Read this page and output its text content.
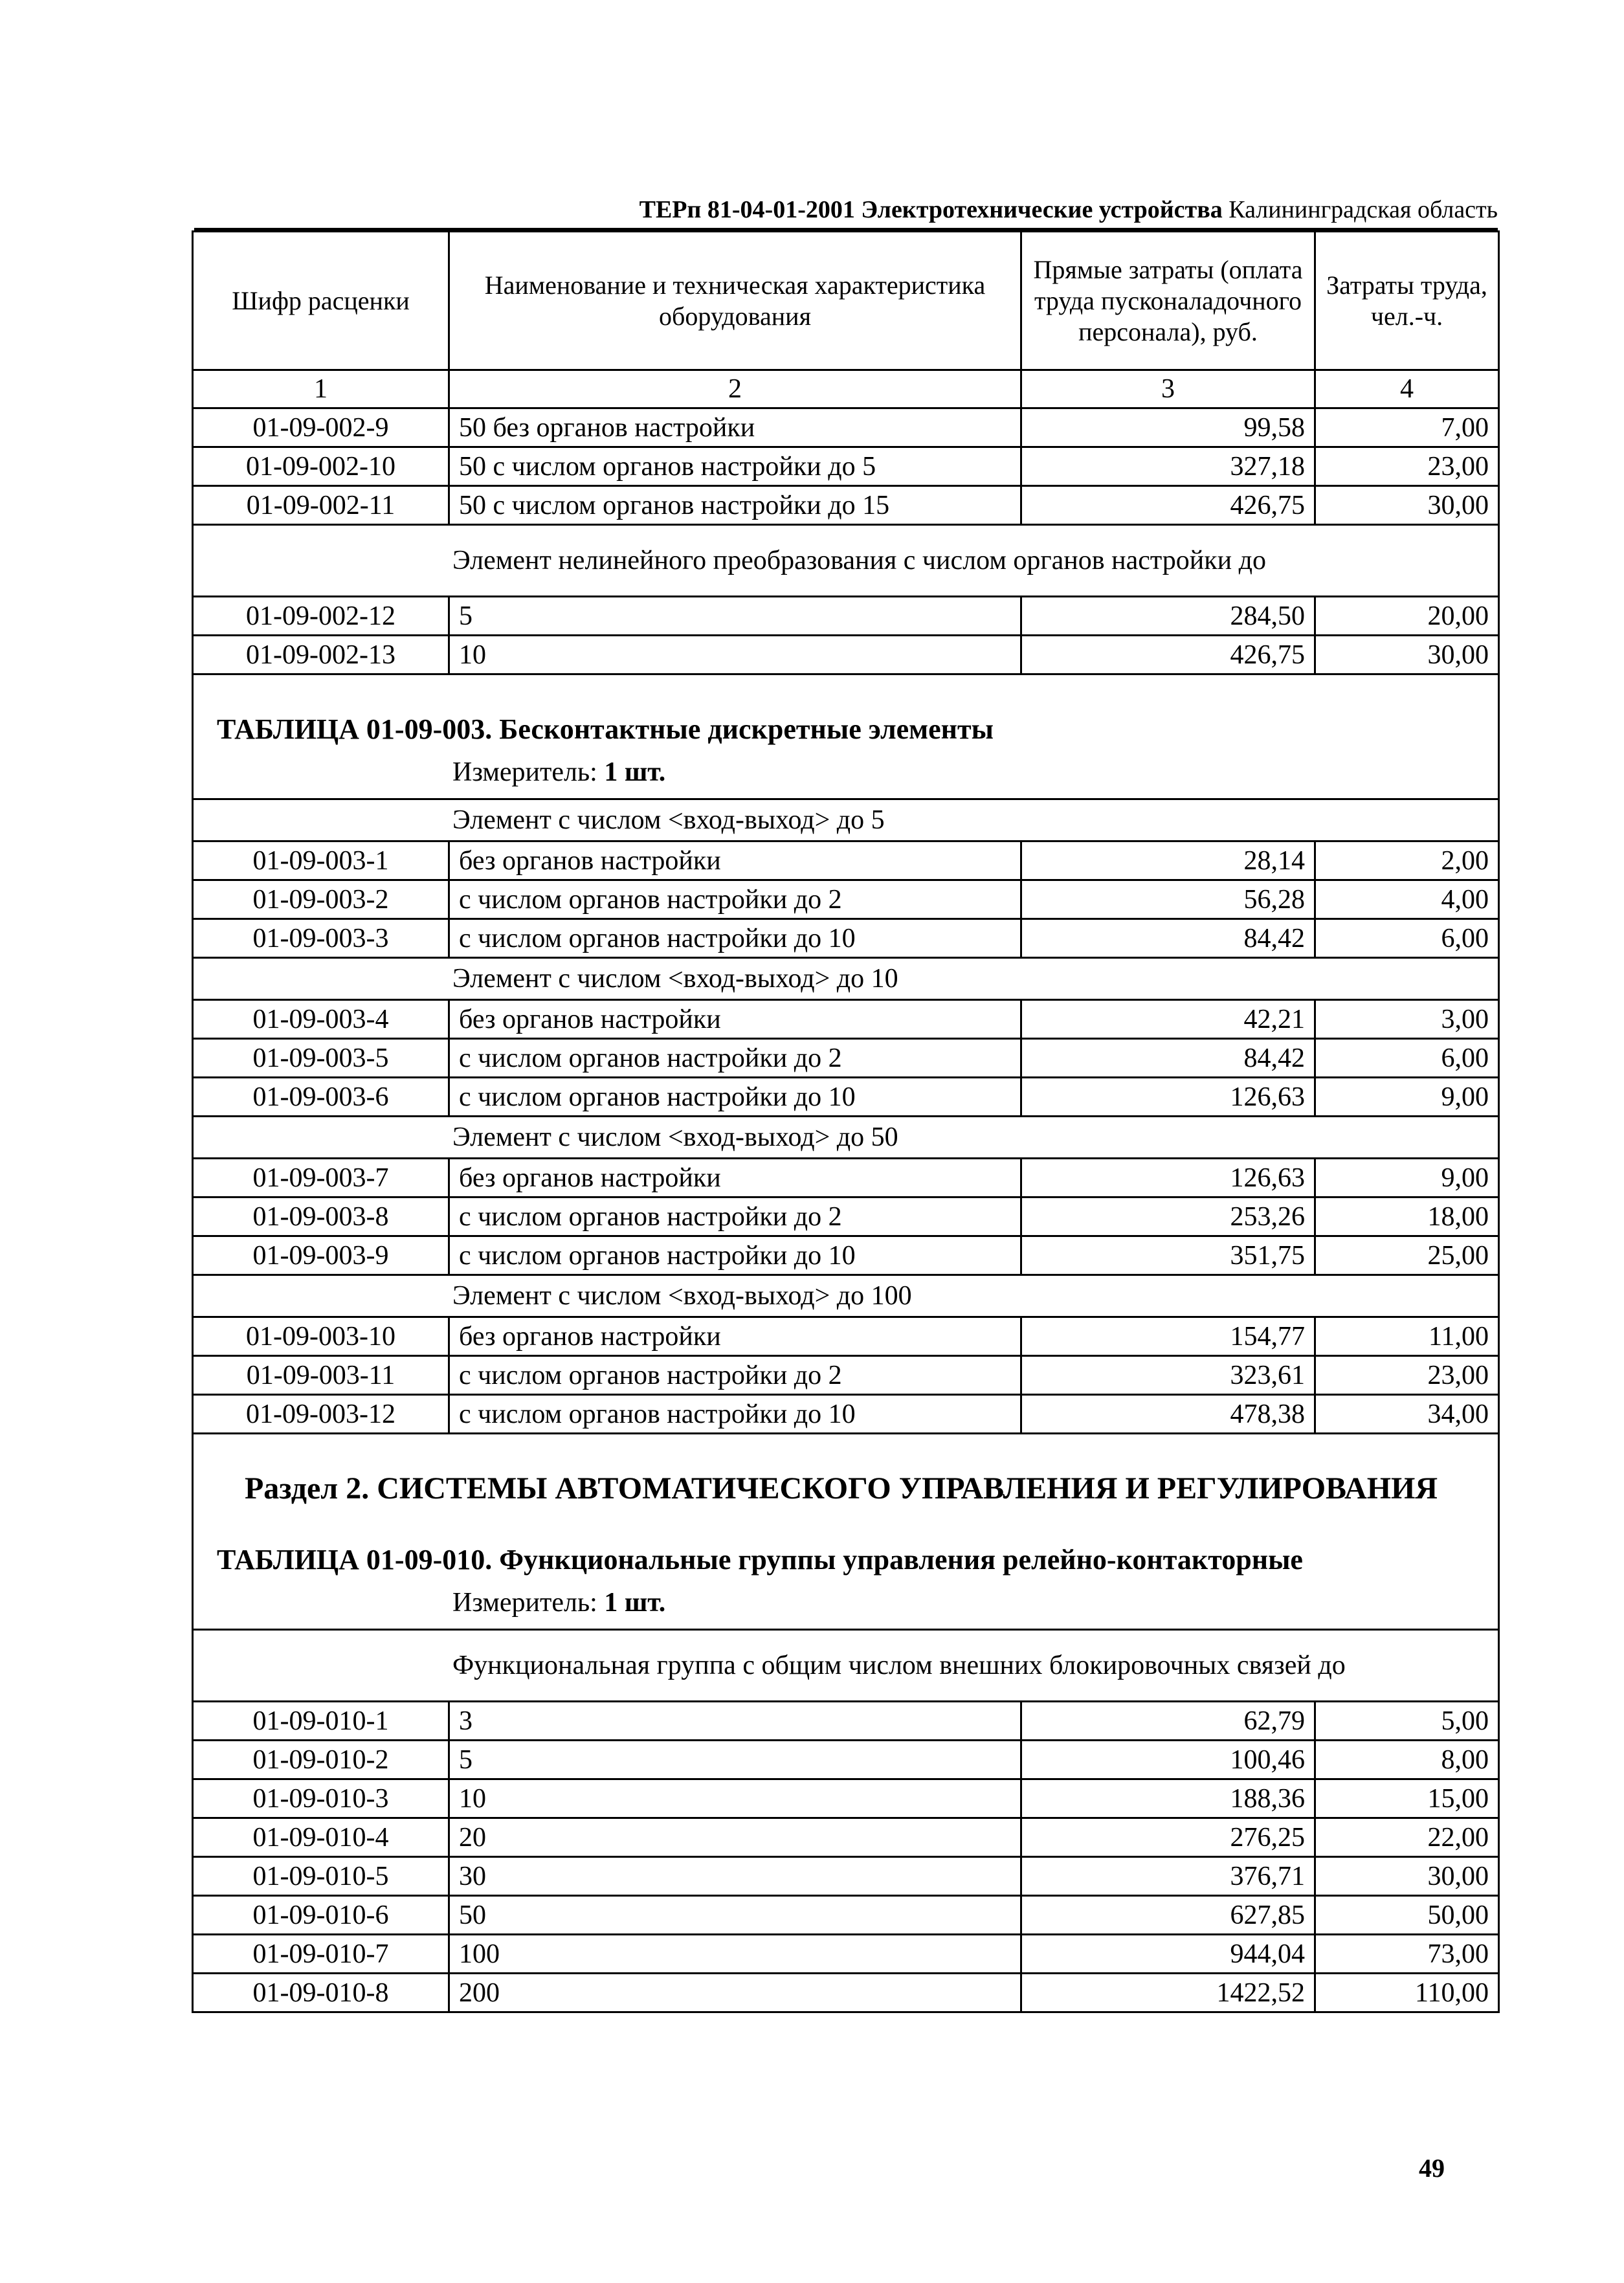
ТЕРп 81-04-01-2001 Электротехнические устройства Калининградская область
Шифр расценки	Наименование и техническая характеристика оборудования	Прямые затраты (оплата труда пусконаладочного персонала), руб.	Затраты труда, чел.-ч.
1	2	3	4
01-09-002-9	50 без органов настройки	99,58	7,00
01-09-002-10	50 с числом органов настройки до 5	327,18	23,00
01-09-002-11	50 с числом органов настройки до 15	426,75	30,00
Элемент нелинейного преобразования с числом органов настройки до			
01-09-002-12	5	284,50	20,00
01-09-002-13	10	426,75	30,00
ТАБЛИЦА 01-09-003. Бесконтактные дискретные элементы			
Измеритель: 1 шт.			
Элемент с числом <вход-выход> до 5			
01-09-003-1	без органов настройки	28,14	2,00
01-09-003-2	с числом органов настройки до 2	56,28	4,00
01-09-003-3	с числом органов настройки до 10	84,42	6,00
Элемент с числом <вход-выход> до 10			
01-09-003-4	без органов настройки	42,21	3,00
01-09-003-5	с числом органов настройки до 2	84,42	6,00
01-09-003-6	с числом органов настройки до 10	126,63	9,00
Элемент с числом <вход-выход> до 50			
01-09-003-7	без органов настройки	126,63	9,00
01-09-003-8	с числом органов настройки до 2	253,26	18,00
01-09-003-9	с числом органов настройки до 10	351,75	25,00
Элемент с числом <вход-выход> до 100			
01-09-003-10	без органов настройки	154,77	11,00
01-09-003-11	с числом органов настройки до 2	323,61	23,00
01-09-003-12	с числом органов настройки до 10	478,38	34,00
Раздел 2. СИСТЕМЫ АВТОМАТИЧЕСКОГО УПРАВЛЕНИЯ И РЕГУЛИРОВАНИЯ			
ТАБЛИЦА 01-09-010. Функциональные группы управления релейно-контакторные			
Измеритель: 1 шт.			
Функциональная группа с общим числом внешних блокировочных связей до			
01-09-010-1	3	62,79	5,00
01-09-010-2	5	100,46	8,00
01-09-010-3	10	188,36	15,00
01-09-010-4	20	276,25	22,00
01-09-010-5	30	376,71	30,00
01-09-010-6	50	627,85	50,00
01-09-010-7	100	944,04	73,00
01-09-010-8	200	1422,52	110,00
49
